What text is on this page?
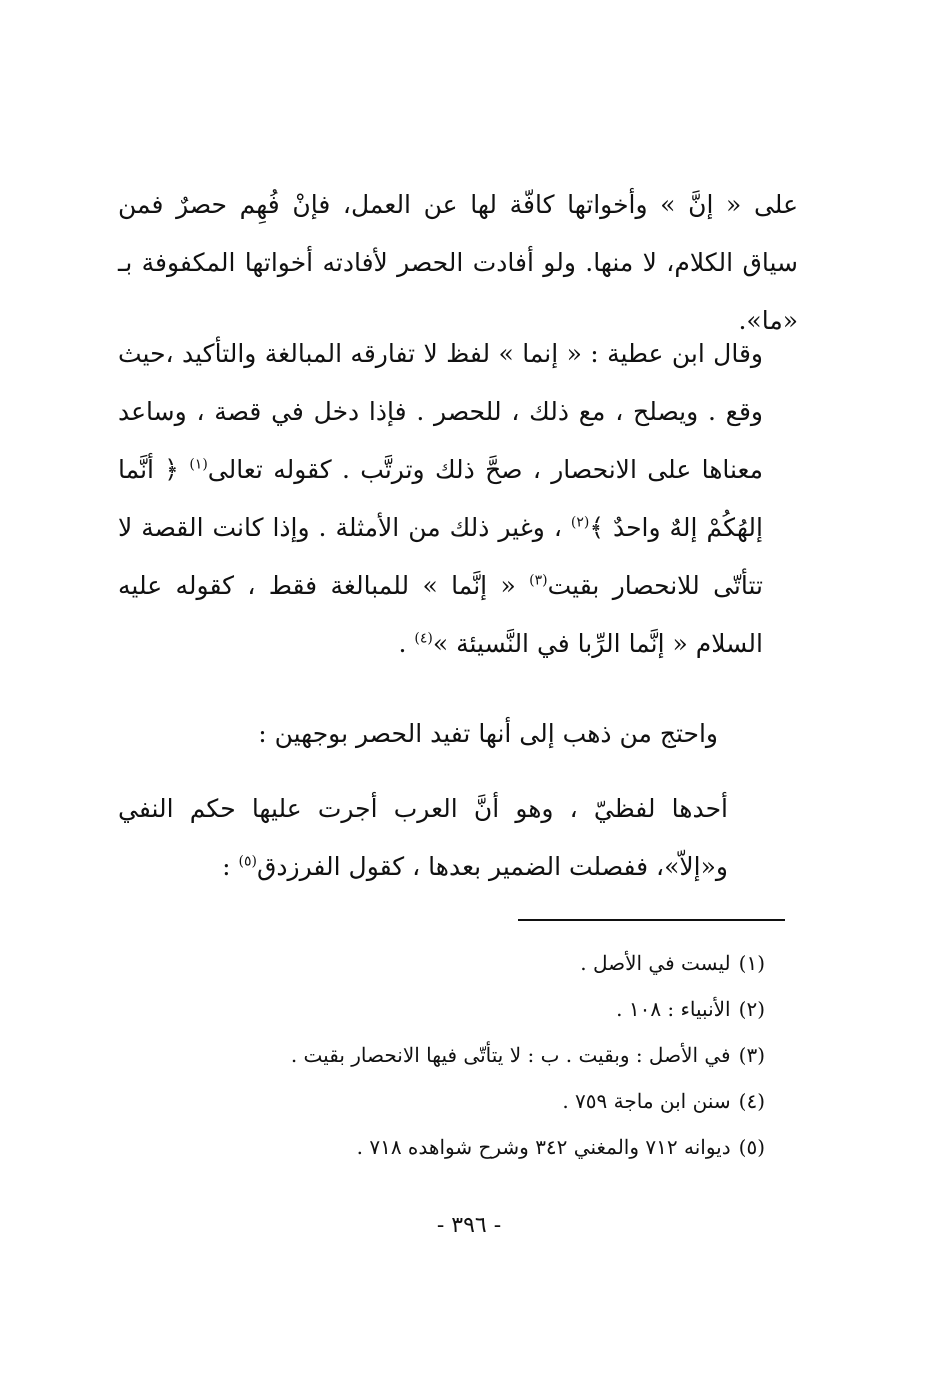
على « إنَّ » وأخواتها كافّة لها عن العمل، فإنْ فُهِم حصرٌ فمن سياق الكلام، لا منها. ولو أفادت الحصر لأفادته أخواتها المكفوفة بـ «ما».
وقال ابن عطية : « إنما » لفظ لا تفارقه المبالغة والتأكيد ،حيث وقع . ويصلح ، مع ذلك ، للحصر . فإذا دخل في قصة ، وساعد معناها على الانحصار ، صحَّ ذلك وترتَّب . كقوله تعالى$^{(١)}$ ﴿ أنَّما إلهُكُمْ إلهٌ واحدٌ ﴾$^{(٢)}$ ، وغير ذلك من الأمثلة . وإذا كانت القصة لا تتأتّى للانحصار بقيت$^{(٣)}$ « إنَّما » للمبالغة فقط ، كقوله عليه السلام « إنَّما الرِّبا في النَّسيئة »$^{(٤)}$ .
واحتج من ذهب إلى أنها تفيد الحصر بوجهين :
أحدها لفظيّ ، وهو أنَّ العرب أجرت عليها حكم النفي و«إلاّ»، ففصلت الضمير بعدها ، كقول الفرزدق$^{(٥)}$ :
(١)ليست في الأصل .
(٢)الأنبياء : ١٠٨ .
(٣)في الأصل : وبقيت . ب : لا يتأتّى فيها الانحصار بقيت .
(٤)سنن ابن ماجة ٧٥٩ .
(٥)ديوانه ٧١٢ والمغني ٣٤٢ وشرح شواهده ٧١٨ .
- ٣٩٦ -
